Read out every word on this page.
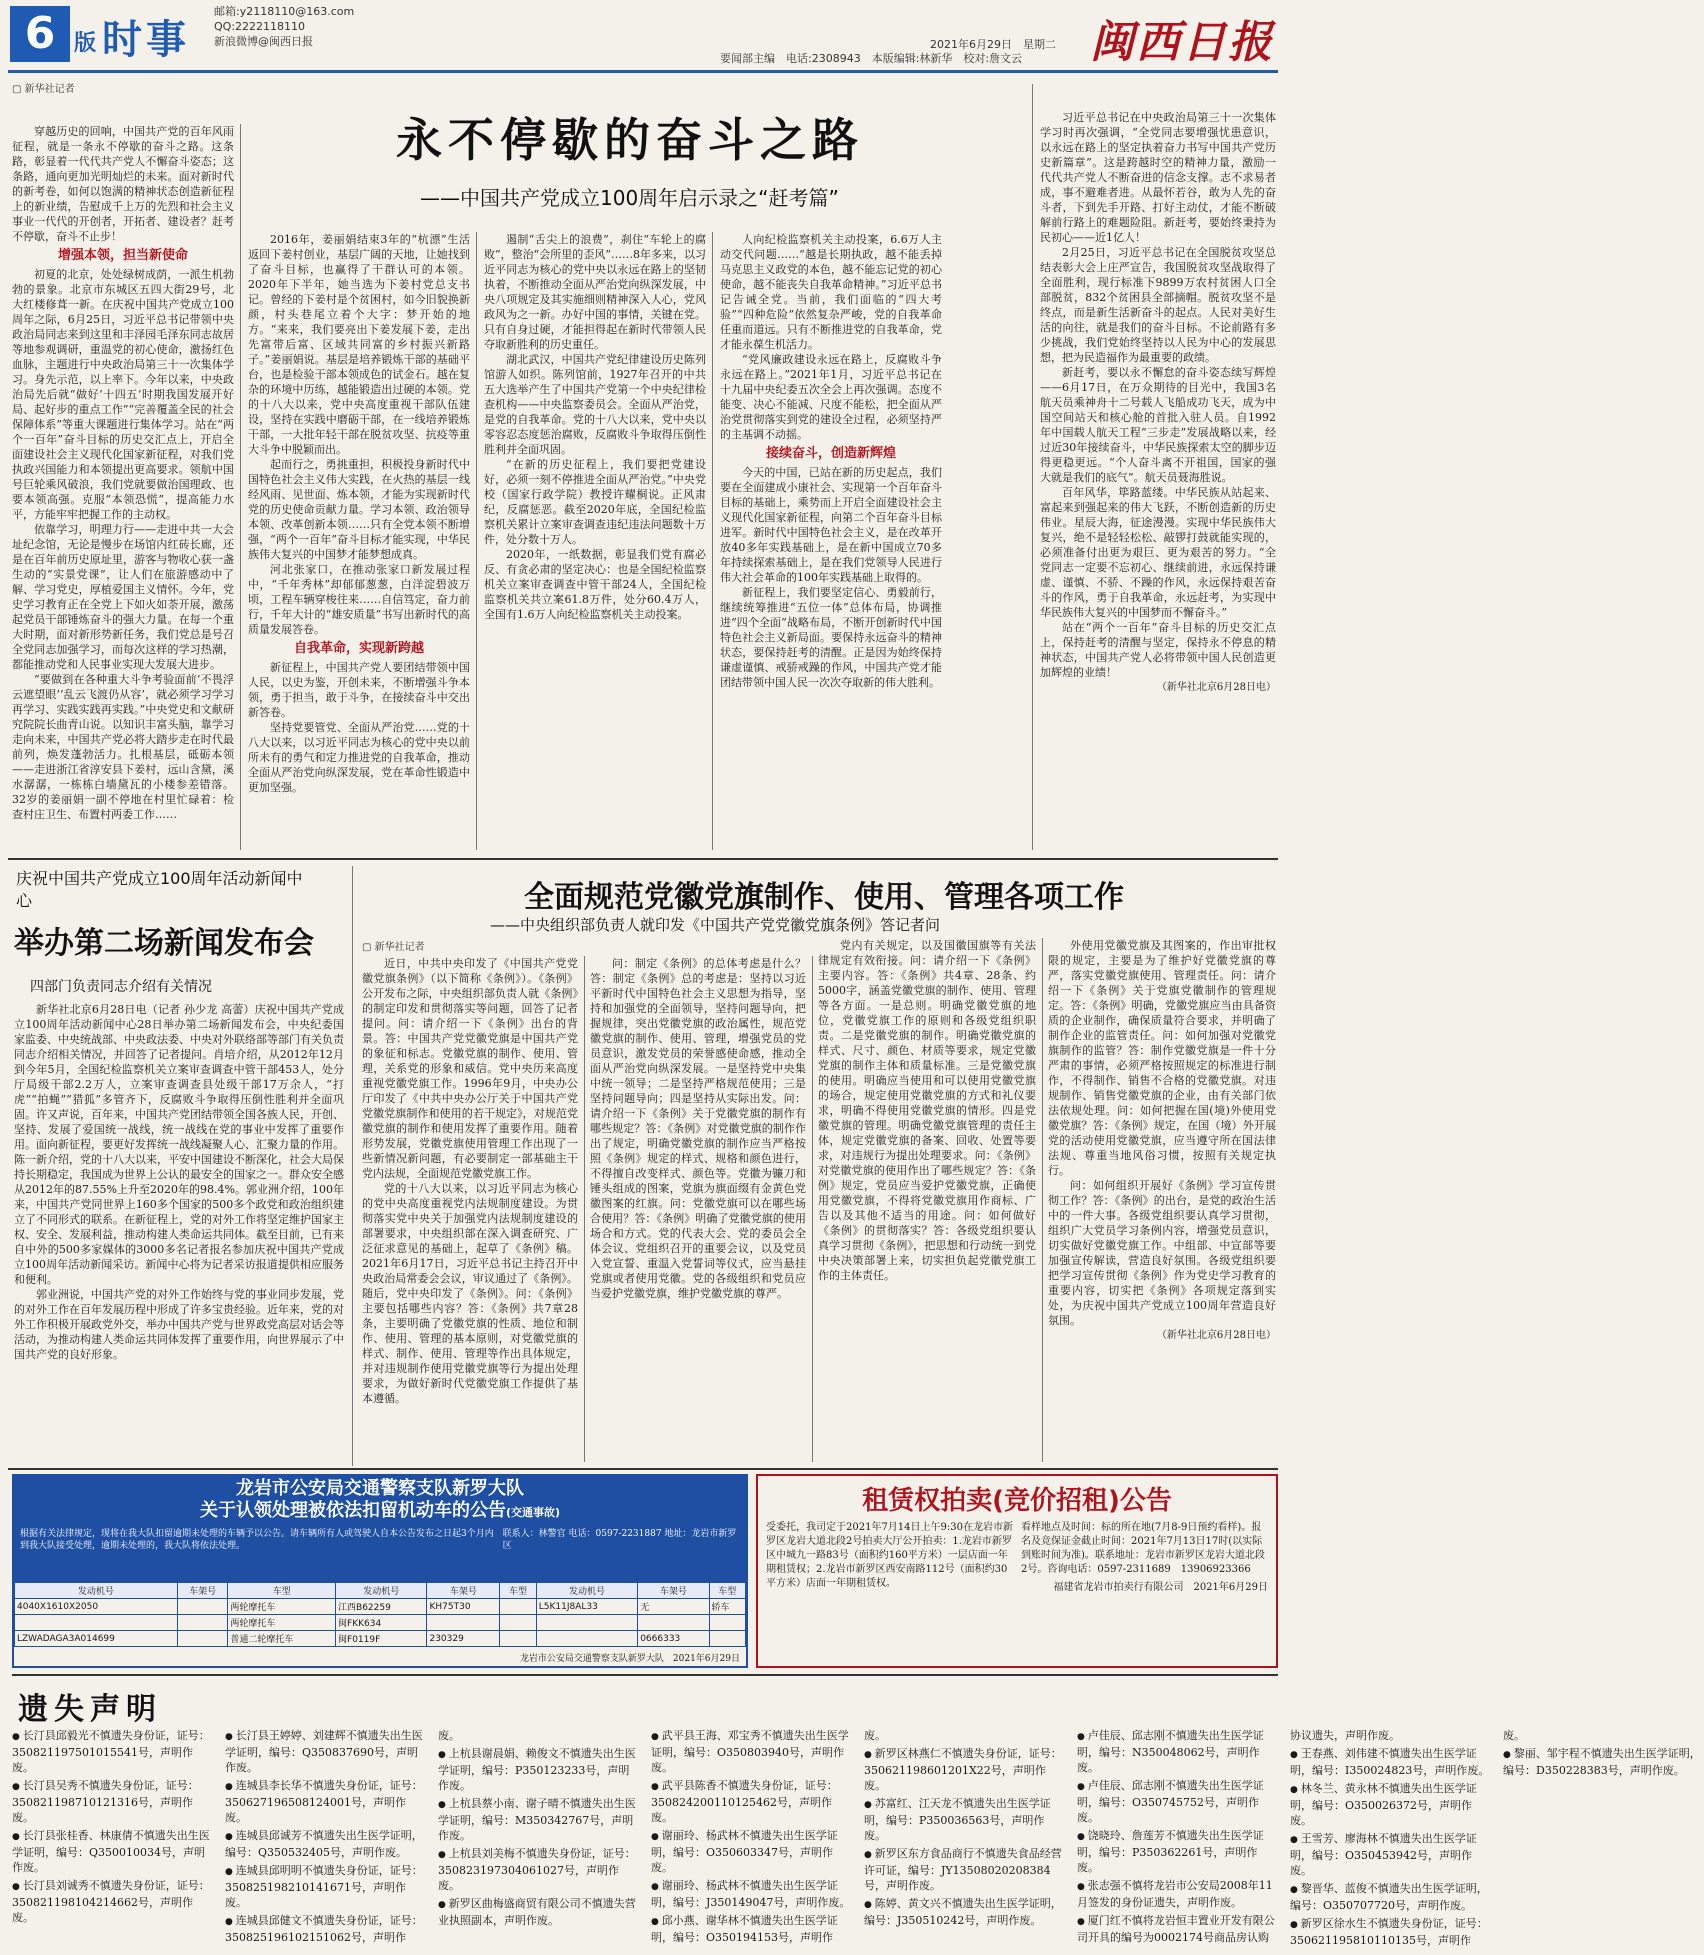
6 版 时事
邮箱:y2118110@163.com
QQ:2222118110
新浪微博@闽西日报
要闻部主编　电话:2308943　本版编辑:林新华　校对:詹文云
2021年6月29日　星期二 闽西日报
▢ 新华社记者
永不停歇的奋斗之路
——中国共产党成立100周年启示录之“赶考篇”

穿越历史的回响，中国共产党的百年风雨征程，就是一条永不停歇的奋斗之路。这条路，彰显着一代代共产党人不懈奋斗姿态；这条路，通向更加光明灿烂的未来。面对新时代的新考卷，如何以饱满的精神状态创造新征程上的新业绩，告慰成千上万的先烈和社会主义事业一代代的开创者，开拓者、建设者？赶考不停歇，奋斗不止步！

增强本领，担当新使命

初夏的北京，处处绿树成荫，一派生机勃勃的景象。北京市东城区五四大街29号，北大红楼修葺一新。在庆祝中国共产党成立100周年之际，6月25日，习近平总书记带领中央政治局同志来到这里和丰泽园毛泽东同志故居等地参观调研，重温党的初心使命，激扬红色血脉，主题进行中央政治局第三十一次集体学习。身先示范，以上率下。今年以来，中央政治局先后就“做好‘十四五’时期我国发展开好局、起好步的重点工作”“完善覆盖全民的社会保障体系”等重大课题进行集体学习。站在“两个一百年”奋斗目标的历史交汇点上，开启全面建设社会主义现代化国家新征程，对我们党执政兴国能力和本领提出更高要求。领航中国号巨轮乘风破浪，我们党就要做治国理政、也要本领高强。克服“本领恐慌”，提高能力水平，方能牢牢把握工作的主动权。

依靠学习，明理力行——走进中共一大会址纪念馆，无论是慢步在场馆内红砖长廊，还是在百年前历史原址里，游客与物收心获一盏生动的“实景党课”，让人们在旅游感动中了解、学习党史，厚植爱国主义情怀。今年，党史学习教育正在全党上下如火如荼开展，激荡起党员干部锤炼奋斗的强大力量。在每一个重大时期，面对新形势新任务，我们党总是号召全党同志加强学习，而每次这样的学习热潮，都能推动党和人民事业实现大发展大进步。

“要做到在各种重大斗争考验面前‘不畏浮云遮望眼’‘乱云飞渡仍从容’，就必须学习学习再学习、实践实践再实践。”中央党史和文献研究院院长曲青山说。以知识丰富头脑，靠学习走向未来，中国共产党必将大踏步走在时代最前列，焕发蓬勃活力。扎根基层，砥砺本领——走进浙江省淳安县下姜村，远山含黛，溪水潺潺，一栋栋白墙黛瓦的小楼参差错落。32岁的姜丽娟一副不停地在村里忙碌着：检查村庄卫生、布置村两委工作……

2016年，姜丽娟结束3年的“杭漂”生活返回下姜村创业，基层广阔的天地，让她找到了奋斗目标，也赢得了干群认可的本领。2020年下半年，她当选为下姜村党总支书记。曾经的下姜村是个贫困村，如今旧貌换新颜，村头巷尾立着个大字：梦开始的地方。“来来，我们要亮出下姜发展下姜，走出先富带后富、区域共同富的乡村振兴新路子。”姜丽娟说。基层是培养锻炼干部的基础平台，也是检验干部本领成色的试金石。越在复杂的环境中历练，越能锻造出过硬的本领。党的十八大以来，党中央高度重视干部队伍建设，坚持在实践中磨砺干部，在一线培养锻炼干部，一大批年轻干部在脱贫攻坚、抗疫等重大斗争中脱颖而出。

起而行之，勇挑重担，积极投身新时代中国特色社会主义伟大实践，在火热的基层一线经风雨、见世面、炼本领，才能为实现新时代党的历史使命贡献力量。学习本领、政治领导本领、改革创新本领……只有全党本领不断增强，“两个一百年”奋斗目标才能实现，中华民族伟大复兴的中国梦才能梦想成真。

河北张家口，在推动张家口新发展过程中，“千年秀林”却郁郁葱葱，白洋淀碧波万顷，工程车辆穿梭往来……自信笃定，奋力前行，千年大计的“雄安质量”书写出新时代的高质量发展答卷。

自我革命，实现新跨越

新征程上，中国共产党人要团结带领中国人民，以史为鉴，开创未来，不断增强斗争本领，勇于担当，敢于斗争，在接续奋斗中交出新答卷。

坚持党要管党、全面从严治党……党的十八大以来，以习近平同志为核心的党中央以前所未有的勇气和定力推进党的自我革命，推动全面从严治党向纵深发展，党在革命性锻造中更加坚强。

遏制“舌尖上的浪费”，刹住“车轮上的腐败”，整治“会所里的歪风”……8年多来，以习近平同志为核心的党中央以永远在路上的坚韧执着，不断推动全面从严治党向纵深发展，中央八项规定及其实施细则精神深入人心，党风政风为之一新。办好中国的事情，关键在党。只有自身过硬，才能担得起在新时代带领人民夺取新胜利的历史重任。

湖北武汉，中国共产党纪律建设历史陈列馆游人如织。陈列馆前，1927年召开的中共五大选举产生了中国共产党第一个中央纪律检查机构——中央监察委员会。全面从严治党，是党的自我革命。党的十八大以来，党中央以零容忍态度惩治腐败，反腐败斗争取得压倒性胜利并全面巩固。

“在新的历史征程上，我们要把党建设好，必须一刻不停推进全面从严治党。”中央党校（国家行政学院）教授许耀桐说。正风肃纪，反腐惩恶。截至2020年底，全国纪检监察机关累计立案审查调查违纪违法问题数十万件，处分数十万人。

2020年，一纸数据，彰显我们党有腐必反、有贪必肃的坚定决心：也是全国纪检监察机关立案审查调查中管干部24人，全国纪检监察机关共立案61.8万件，处分60.4万人，全国有1.6万人向纪检监察机关主动投案。

人向纪检监察机关主动投案，6.6万人主动交代问题……“越是长期执政，越不能丢掉马克思主义政党的本色，越不能忘记党的初心使命，越不能丧失自我革命精神。”习近平总书记告诫全党。当前，我们面临的“四大考验”“四种危险”依然复杂严峻，党的自我革命任重而道远。只有不断推进党的自我革命，党才能永葆生机活力。

“党风廉政建设永远在路上，反腐败斗争永远在路上。”2021年1月，习近平总书记在十九届中央纪委五次全会上再次强调。态度不能变、决心不能减、尺度不能松，把全面从严治党贯彻落实到党的建设全过程，必须坚持严的主基调不动摇。

接续奋斗，创造新辉煌

今天的中国，已站在新的历史起点，我们要在全面建成小康社会、实现第一个百年奋斗目标的基础上，乘势而上开启全面建设社会主义现代化国家新征程，向第二个百年奋斗目标进军。新时代中国特色社会主义，是在改革开放40多年实践基础上，是在新中国成立70多年持续探索基础上，是在我们党领导人民进行伟大社会革命的100年实践基础上取得的。

新征程上，我们要坚定信心、勇毅前行，继续统筹推进“五位一体”总体布局，协调推进“四个全面”战略布局，不断开创新时代中国特色社会主义新局面。要保持永远奋斗的精神状态，要保持赶考的清醒。正是因为始终保持谦虚谨慎、戒骄戒躁的作风，中国共产党才能团结带领中国人民一次次夺取新的伟大胜利。

习近平总书记在中央政治局第三十一次集体学习时再次强调，“全党同志要增强忧患意识，以永远在路上的坚定执着奋力书写中国共产党历史新篇章”。这是跨越时空的精神力量，激励一代代共产党人不断奋进的信念支撑。志不求易者成，事不避难者进。从最怀若谷，敢为人先的奋斗者，下到先手开路、打好主动仗，才能不断破解前行路上的难题险阻。新赶考，要始终秉持为民初心——近1亿人！

2月25日，习近平总书记在全国脱贫攻坚总结表彰大会上庄严宣告，我国脱贫攻坚战取得了全面胜利，现行标准下9899万农村贫困人口全部脱贫，832个贫困县全部摘帽。脱贫攻坚不是终点，而是新生活新奋斗的起点。人民对美好生活的向往，就是我们的奋斗目标。不论前路有多少挑战，我们党始终坚持以人民为中心的发展思想，把为民造福作为最重要的政绩。

新赶考，要以永不懈怠的奋斗姿态续写辉煌——6月17日，在万众期待的目光中，我国3名航天员乘神舟十二号载人飞船成功飞天，成为中国空间站天和核心舱的首批入驻人员。自1992年中国载人航天工程“三步走”发展战略以来，经过近30年接续奋斗，中华民族探索太空的脚步迈得更稳更远。“个人奋斗离不开祖国，国家的强大就是我们的底气”。航天员聂海胜说。

百年风华，筚路蓝缕。中华民族从站起来、富起来到强起来的伟大飞跃，不断创造新的历史伟业。星辰大海，征途漫漫。实现中华民族伟大复兴，绝不是轻轻松松、敲锣打鼓就能实现的，必须准备付出更为艰巨、更为艰苦的努力。“全党同志一定要不忘初心、继续前进，永远保持谦虚、谨慎、不骄、不躁的作风，永远保持艰苦奋斗的作风，勇于自我革命，永远赶考，为实现中华民族伟大复兴的中国梦而不懈奋斗。”

站在“两个一百年”奋斗目标的历史交汇点上，保持赶考的清醒与坚定，保持永不停息的精神状态，中国共产党人必将带领中国人民创造更加辉煌的业绩！

（新华社北京6月28日电）
庆祝中国共产党成立100周年活动新闻中心
举办第二场新闻发布会
四部门负责同志介绍有关情况

新华社北京6月28日电（记者 孙少龙 高蕾）庆祝中国共产党成立100周年活动新闻中心28日举办第二场新闻发布会，中央纪委国家监委、中央统战部、中央政法委、中央对外联络部等部门有关负责同志介绍相关情况，并回答了记者提问。肖培介绍，从2012年12月到今年5月，全国纪检监察机关立案审查调查中管干部453人，处分厅局级干部2.2万人，立案审查调查县处级干部17万余人，“打虎”“拍蝇”“猎狐”多管齐下，反腐败斗争取得压倒性胜利并全面巩固。许又声说，百年来，中国共产党团结带领全国各族人民，开创、坚持、发展了爱国统一战线，统一战线在党的事业中发挥了重要作用。面向新征程，要更好发挥统一战线凝聚人心、汇聚力量的作用。陈一新介绍，党的十八大以来，平安中国建设不断深化，社会大局保持长期稳定，我国成为世界上公认的最安全的国家之一。群众安全感从2012年的87.55%上升至2020年的98.4%。郭业洲介绍，100年来，中国共产党同世界上160多个国家的500多个政党和政治组织建立了不同形式的联系。在新征程上，党的对外工作将坚定维护国家主权、安全、发展利益，推动构建人类命运共同体。截至目前，已有来自中外的500多家媒体的3000多名记者报名参加庆祝中国共产党成立100周年活动新闻采访。新闻中心将为记者采访报道提供相应服务和便利。

郭业洲说，中国共产党的对外工作始终与党的事业同步发展，党的对外工作在百年发展历程中形成了许多宝贵经验。近年来，党的对外工作积极开展政党外交，举办中国共产党与世界政党高层对话会等活动，为推动构建人类命运共同体发挥了重要作用，向世界展示了中国共产党的良好形象。

全面规范党徽党旗制作、使用、管理各项工作
——中央组织部负责人就印发《中国共产党党徽党旗条例》答记者问
▢ 新华社记者

近日，中共中央印发了《中国共产党党徽党旗条例》（以下简称《条例》）。《条例》公开发布之际，中央组织部负责人就《条例》的制定印发和贯彻落实等问题，回答了记者提问。问：请介绍一下《条例》出台的背景。答：中国共产党党徽党旗是中国共产党的象征和标志。党徽党旗的制作、使用、管理，关系党的形象和威信。党中央历来高度重视党徽党旗工作。1996年9月，中央办公厅印发了《中共中央办公厅关于中国共产党党徽党旗制作和使用的若干规定》，对规范党徽党旗的制作和使用发挥了重要作用。随着形势发展，党徽党旗使用管理工作出现了一些新情况新问题，有必要制定一部基础主干党内法规，全面规范党徽党旗工作。

党的十八大以来，以习近平同志为核心的党中央高度重视党内法规制度建设。为贯彻落实党中央关于加强党内法规制度建设的部署要求，中央组织部在深入调查研究、广泛征求意见的基础上，起草了《条例》稿。2021年6月17日，习近平总书记主持召开中央政治局常委会会议，审议通过了《条例》。随后，党中央印发了《条例》。问：《条例》主要包括哪些内容？答：《条例》共7章28条，主要明确了党徽党旗的性质、地位和制作、使用、管理的基本原则，对党徽党旗的样式、制作、使用、管理等作出具体规定，并对违规制作使用党徽党旗等行为提出处理要求，为做好新时代党徽党旗工作提供了基本遵循。

问：制定《条例》的总体考虑是什么？答：制定《条例》总的考虑是：坚持以习近平新时代中国特色社会主义思想为指导，坚持和加强党的全面领导，坚持问题导向，把握规律，突出党徽党旗的政治属性，规范党徽党旗的制作、使用、管理，增强党员的党员意识，激发党员的荣誉感使命感，推动全面从严治党向纵深发展。一是坚持党中央集中统一领导；二是坚持严格规范使用；三是坚持问题导向；四是坚持从实际出发。问：请介绍一下《条例》关于党徽党旗的制作有哪些规定？答：《条例》对党徽党旗的制作作出了规定，明确党徽党旗的制作应当严格按照《条例》规定的样式、规格和颜色进行，不得擅自改变样式、颜色等。党徽为镰刀和锤头组成的图案，党旗为旗面缀有金黄色党徽图案的红旗。问：党徽党旗可以在哪些场合使用？答：《条例》明确了党徽党旗的使用场合和方式。党的代表大会、党的委员会全体会议、党组织召开的重要会议，以及党员入党宣誓、重温入党誓词等仪式，应当悬挂党旗或者使用党徽。党的各级组织和党员应当爱护党徽党旗，维护党徽党旗的尊严。

党内有关规定，以及国徽国旗等有关法律规定有效衔接。问：请介绍一下《条例》主要内容。答：《条例》共4章、28条、约5000字，涵盖党徽党旗的制作、使用、管理等各方面。一是总则。明确党徽党旗的地位，党徽党旗工作的原则和各级党组织职责。二是党徽党旗的制作。明确党徽党旗的样式、尺寸、颜色、材质等要求，规定党徽党旗的制作主体和质量标准。三是党徽党旗的使用。明确应当使用和可以使用党徽党旗的场合，规定使用党徽党旗的方式和礼仪要求，明确不得使用党徽党旗的情形。四是党徽党旗的管理。明确党徽党旗管理的责任主体，规定党徽党旗的备案、回收、处置等要求，对违规行为提出处理要求。问：《条例》对党徽党旗的使用作出了哪些规定？答：《条例》规定，党员应当爱护党徽党旗，正确使用党徽党旗，不得将党徽党旗用作商标、广告以及其他不适当的用途。问：如何做好《条例》的贯彻落实？答：各级党组织要认真学习贯彻《条例》，把思想和行动统一到党中央决策部署上来，切实担负起党徽党旗工作的主体责任。

外使用党徽党旗及其图案的，作出审批权限的规定，主要是为了维护好党徽党旗的尊严，落实党徽党旗使用、管理责任。问：请介绍一下《条例》关于党旗党徽制作的管理规定。答：《条例》明确，党徽党旗应当由具备资质的企业制作，确保质量符合要求，并明确了制作企业的监管责任。问：如何加强对党徽党旗制作的监管？答：制作党徽党旗是一件十分严肃的事情，必须严格按照规定的标准进行制作，不得制作、销售不合格的党徽党旗。对违规制作、销售党徽党旗的企业，由有关部门依法依规处理。问：如何把握在国(境)外使用党徽党旗？答：《条例》规定，在国（境）外开展党的活动使用党徽党旗，应当遵守所在国法律法规、尊重当地风俗习惯，按照有关规定执行。

问：如何组织开展好《条例》学习宣传贯彻工作？答：《条例》的出台，是党的政治生活中的一件大事。各级党组织要认真学习贯彻，组织广大党员学习条例内容，增强党员意识，切实做好党徽党旗工作。中组部、中宣部等要加强宣传解读，营造良好氛围。各级党组织要把学习宣传贯彻《条例》作为党史学习教育的重要内容，切实把《条例》各项规定落到实处，为庆祝中国共产党成立100周年营造良好氛围。

（新华社北京6月28日电）
龙岩市公安局交通警察支队新罗大队
关于认领处理被依法扣留机动车的公告(交通事故)
根据有关法律规定，现将在我大队扣留逾期未处理的车辆予以公告。请车辆所有人或驾驶人自本公告发布之日起3个月内到我大队接受处理，逾期未处理的，我大队将依法处理。
联系人：林警官 电话：0597-2231887 地址：龙岩市新罗区
发动机号	车架号	车型	发动机号	车架号	车型	发动机号	车架号	车型
4040X1610X2050		两轮摩托车	江西B62259	KH75T30		L5K11J8AL33	无	轿车
		两轮摩托车	闽FKK634					
LZWADAGA3A014699		普通二轮摩托车	闽F0119F	230329			0666333	
龙岩市公安局交通警察支队新罗大队　2021年6月29日
租赁权拍卖(竞价招租)公告
受委托，我司定于2021年7月14日上午9:30在龙岩市新罗区龙岩大道北段2号拍卖大厅公开拍卖：1.龙岩市新罗区中城九一路83号（面积约160平方米）一层店面一年期租赁权；2.龙岩市新罗区西安南路112号（面积约30平方米）店面一年期租赁权。
看样地点及时间：标的所在地(7月8-9日预约看样)。报名及竞保证金截止时间：2021年7月13日17时(以实际到账时间为准)。联系地址：龙岩市新罗区龙岩大道北段2号。咨询电话：0597-2311689　13906923366
福建省龙岩市拍卖行有限公司　2021年6月29日
遗失声明
● 长汀县邱毅光不慎遗失身份证，证号：350821197501015541号，声明作废。
● 长汀县吴秀不慎遗失身份证，证号：350821198710121316号，声明作废。
● 长汀县张桂香、林康倩不慎遗失出生医学证明，编号：Q350010034号，声明作废。
● 长汀县刘诚秀不慎遗失身份证，证号：350821198104214662号，声明作废。
● 长汀县王婷婷、刘建辉不慎遗失出生医学证明，编号：Q350837690号，声明作废。
● 连城县李长华不慎遗失身份证，证号：350627196508124001号，声明作废。
● 连城县邱诚芳不慎遗失出生医学证明，编号：Q350532405号，声明作废。
● 连城县邱明明不慎遗失身份证，证号：350825198210141671号，声明作废。
● 连城县邱健文不慎遗失身份证，证号：350825196102151062号，声明作废。
● 上杭县谢晨娟、赖俊文不慎遗失出生医学证明，编号：P350123233号，声明作废。
● 上杭县蔡小南、谢子晴不慎遗失出生医学证明，编号：M350342767号，声明作废。
● 上杭县刘美梅不慎遗失身份证，证号：350823197304061027号，声明作废。
● 新罗区曲梅盛商贸有限公司不慎遗失营业执照副本，声明作废。
● 武平县王海、邓宝秀不慎遗失出生医学证明，编号：O350803940号，声明作废。
● 武平县陈香不慎遗失身份证，证号：350824200110125462号，声明作废。
● 谢丽玲、杨武林不慎遗失出生医学证明，编号：O350603347号，声明作废。
● 谢丽玲、杨武林不慎遗失出生医学证明，编号：J350149047号，声明作废。
● 邱小燕、谢华林不慎遗失出生医学证明，编号：O350194153号，声明作废。
● 新罗区林燕仁不慎遗失身份证，证号：350621198601201X22号，声明作废。
● 苏富红、江天龙不慎遗失出生医学证明，编号：P350036563号，声明作废。
● 新罗区东方食品商行不慎遗失食品经营许可证，编号：JY13508020208384号，声明作废。
● 陈婷、黄文兴不慎遗失出生医学证明，编号：J350510242号，声明作废。
● 卢佳辰、邱志刚不慎遗失出生医学证明，编号：N350048062号，声明作废。
● 卢佳辰、邱志刚不慎遗失出生医学证明，编号：O350745752号，声明作废。
● 饶晓玲、詹莲芳不慎遗失出生医学证明，编号：P350362261号，声明作废。
● 张志强不慎将龙岩市公安局2008年11月签发的身份证遗失，声明作废。
● 厦门红不慎将龙岩恒丰置业开发有限公司开具的编号为0002174号商品房认购协议遗失，声明作废。
● 王春燕、刘伟建不慎遗失出生医学证明，编号：I350024823号，声明作废。
● 林冬兰、黄永林不慎遗失出生医学证明，编号：O350026372号，声明作废。
● 王雪芳、廖海林不慎遗失出生医学证明，编号：O350453942号，声明作废。
● 黎晋华、蓝俊不慎遗失出生医学证明，编号：O350707720号，声明作废。
● 新罗区徐水生不慎遗失身份证，证号：350621195810110135号，声明作废。
● 黎丽、邹宇程不慎遗失出生医学证明，编号：D350228383号，声明作废。
